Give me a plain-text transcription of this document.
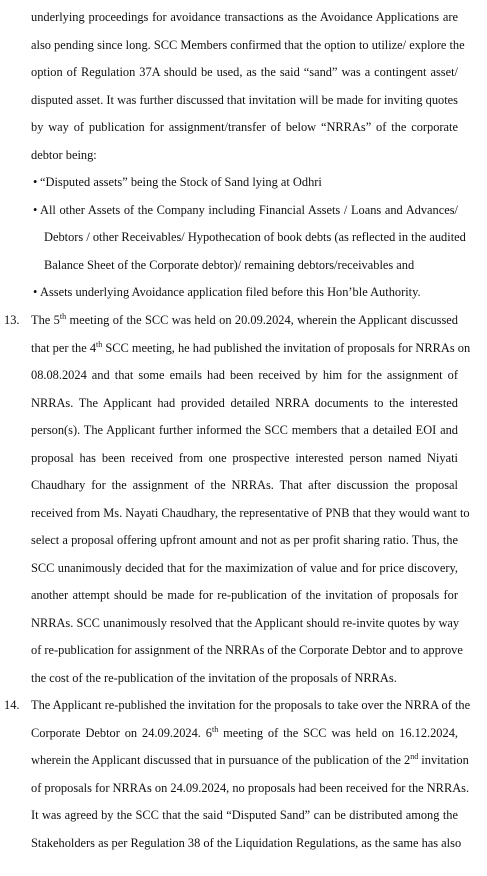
underlying proceedings for avoidance transactions as the Avoidance Applications are
also pending since long. SCC Members confirmed that the option to utilize/ explore the
option of Regulation 37A should be used, as the said “sand” was a contingent asset/
disputed asset. It was further discussed that invitation will be made for inviting quotes
by way of publication for assignment/transfer of below “NRRAs” of the corporate
debtor being:
• “Disputed assets” being the Stock of Sand lying at Odhri
• All other Assets of the Company including Financial Assets / Loans and Advances/
Debtors / other Receivables/ Hypothecation of book debts (as reflected in the audited
Balance Sheet of the Corporate debtor)/ remaining debtors/receivables and
• Assets underlying Avoidance application filed before this Hon’ble Authority.
13. The 5th meeting of the SCC was held on 20.09.2024, wherein the Applicant discussed
that per the 4th SCC meeting, he had published the invitation of proposals for NRRAs on
08.08.2024 and that some emails had been received by him for the assignment of
NRRAs. The Applicant had provided detailed NRRA documents to the interested
person(s). The Applicant further informed the SCC members that a detailed EOI and
proposal has been received from one prospective interested person named Niyati
Chaudhary for the assignment of the NRRAs. That after discussion the proposal
received from Ms. Nayati Chaudhary, the representative of PNB that they would want to
select a proposal offering upfront amount and not as per profit sharing ratio. Thus, the
SCC unanimously decided that for the maximization of value and for price discovery,
another attempt should be made for re-publication of the invitation of proposals for
NRRAs. SCC unanimously resolved that the Applicant should re-invite quotes by way
of re-publication for assignment of the NRRAs of the Corporate Debtor and to approve
the cost of the re-publication of the invitation of the proposals of NRRAs.
14. The Applicant re-published the invitation for the proposals to take over the NRRA of the
Corporate Debtor on 24.09.2024. 6th meeting of the SCC was held on 16.12.2024,
wherein the Applicant discussed that in pursuance of the publication of the 2nd invitation
of proposals for NRRAs on 24.09.2024, no proposals had been received for the NRRAs.
It was agreed by the SCC that the said “Disputed Sand” can be distributed among the
Stakeholders as per Regulation 38 of the Liquidation Regulations, as the same has also
